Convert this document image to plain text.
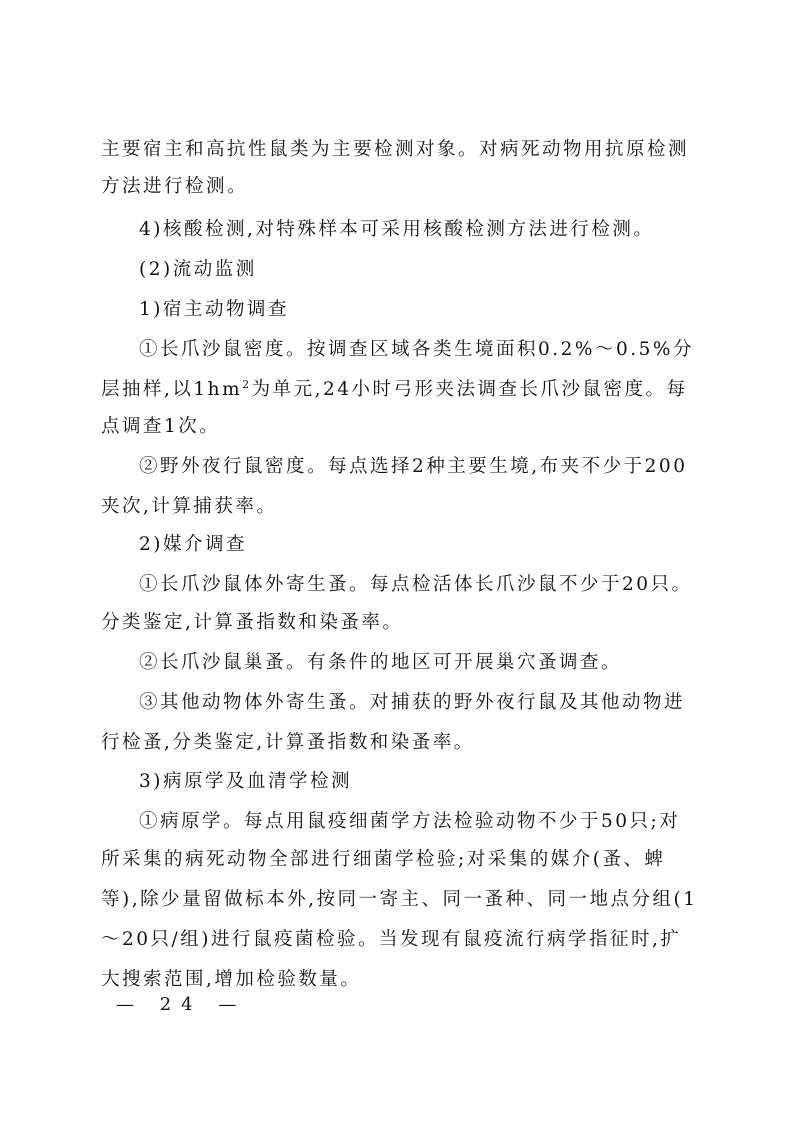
主要宿主和高抗性鼠类为主要检测对象。对病死动物用抗原检测
方法进行检测。
4)核酸检测,对特殊样本可采用核酸检测方法进行检测。
(2)流动监测
1)宿主动物调查
①长爪沙鼠密度。按调查区域各类生境面积0.2%～0.5%分
层抽样,以$1hm^2$为单元,24小时弓形夹法调查长爪沙鼠密度。每
点调查1次。
②野外夜行鼠密度。每点选择2种主要生境,布夹不少于200
夹次,计算捕获率。
2)媒介调查
①长爪沙鼠体外寄生蚤。每点检活体长爪沙鼠不少于20只。
分类鉴定,计算蚤指数和染蚤率。
②长爪沙鼠巢蚤。有条件的地区可开展巢穴蚤调查。
③其他动物体外寄生蚤。对捕获的野外夜行鼠及其他动物进
行检蚤,分类鉴定,计算蚤指数和染蚤率。
3)病原学及血清学检测
①病原学。每点用鼠疫细菌学方法检验动物不少于50只;对
所采集的病死动物全部进行细菌学检验;对采集的媒介(蚤、蜱
等),除少量留做标本外,按同一寄主、同一蚤种、同一地点分组(1
～20只/组)进行鼠疫菌检验。当发现有鼠疫流行病学指征时,扩
大搜索范围,增加检验数量。
— 24 —
